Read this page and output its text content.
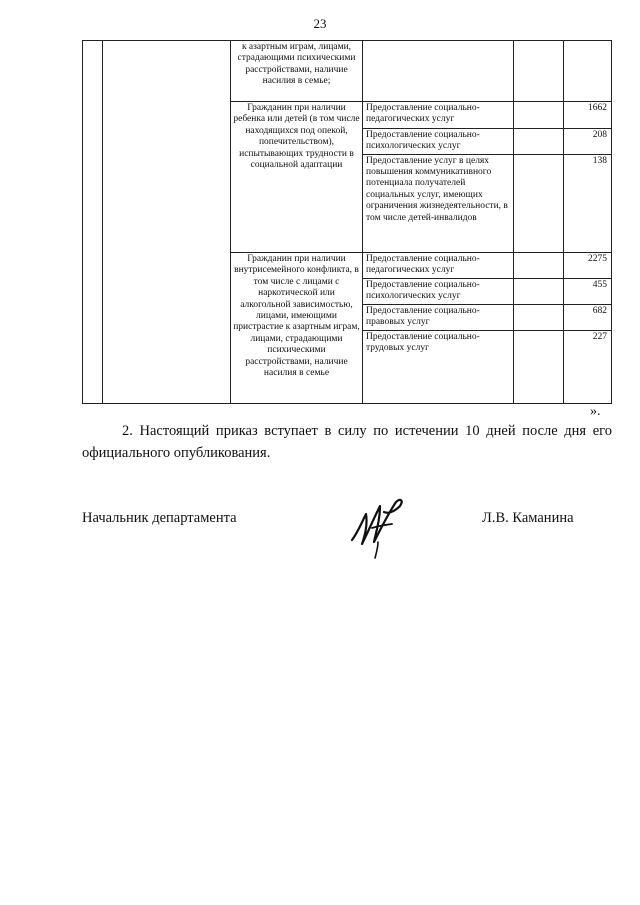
23
		к азартным играм, лицами, страдающими психическими расстройствами, наличие насилия в семье;			
Гражданин при наличии ребенка или детей (в том числе находящихся под опекой, попечительством), испытывающих трудности в социальной адаптации	
Предоставление социально-педагогических услуг		1662
Предоставление социально-психологических услуг		208
Предоставление услуг в целях повышения коммуникативного потенциала получателей социальных услуг, имеющих ограничения жизнедеятельности, в том числе детей-инвалидов		138

Гражданин при наличии внутрисемейного конфликта, в том числе с лицами с наркотической или алкогольной зависимостью, лицами, имеющими пристрастие к азартным играм, лицами, страдающими психическими расстройствами, наличие насилия в семье	
Предоставление социально-педагогических услуг		2275
Предоставление социально-психологических услуг		455
Предоставление социально-правовых услуг		682
Предоставление социально-трудовых услуг		227
».
2. Настоящий приказ вступает в силу по истечении 10 дней после дня его официального опубликования.
Начальник департамента	Л.В. Каманина
